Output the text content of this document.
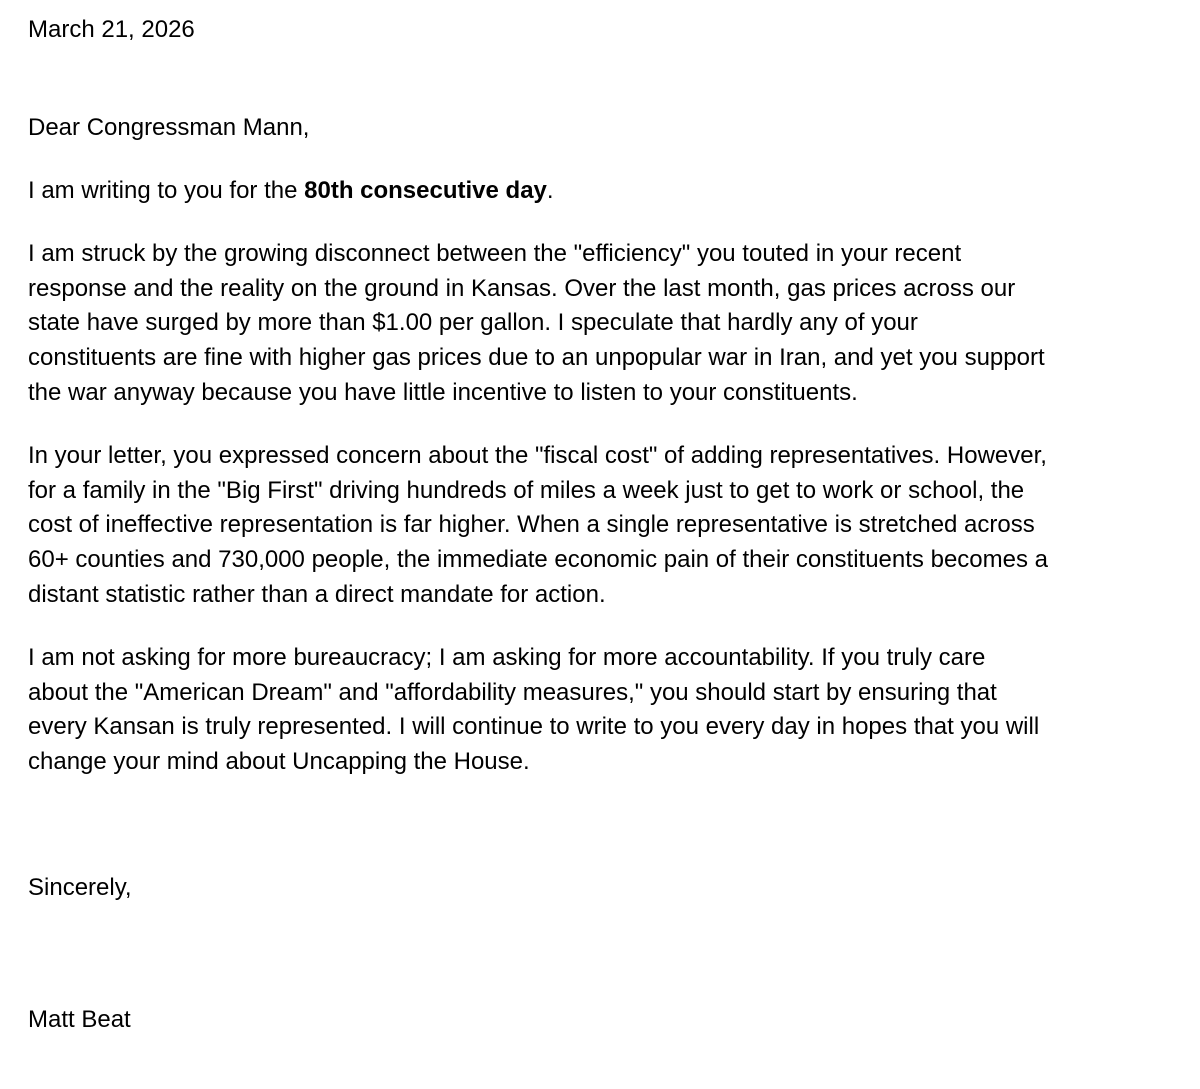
March 21, 2026

Dear Congressman Mann,

I am writing to you for the 80th consecutive day.

I am struck by the growing disconnect between the "efficiency" you touted in your recent
response and the reality on the ground in Kansas. Over the last month, gas prices across our
state have surged by more than $1.00 per gallon. I speculate that hardly any of your
constituents are fine with higher gas prices due to an unpopular war in Iran, and yet you support
the war anyway because you have little incentive to listen to your constituents.
In your letter, you expressed concern about the "fiscal cost" of adding representatives. However,
for a family in the "Big First" driving hundreds of miles a week just to get to work or school, the
cost of ineffective representation is far higher. When a single representative is stretched across
60+ counties and 730,000 people, the immediate economic pain of their constituents becomes a
distant statistic rather than a direct mandate for action.
I am not asking for more bureaucracy; I am asking for more accountability. If you truly care
about the "American Dream" and "affordability measures," you should start by ensuring that
every Kansan is truly represented. I will continue to write to you every day in hopes that you will
change your mind about Uncapping the House.

Sincerely,

Matt Beat
